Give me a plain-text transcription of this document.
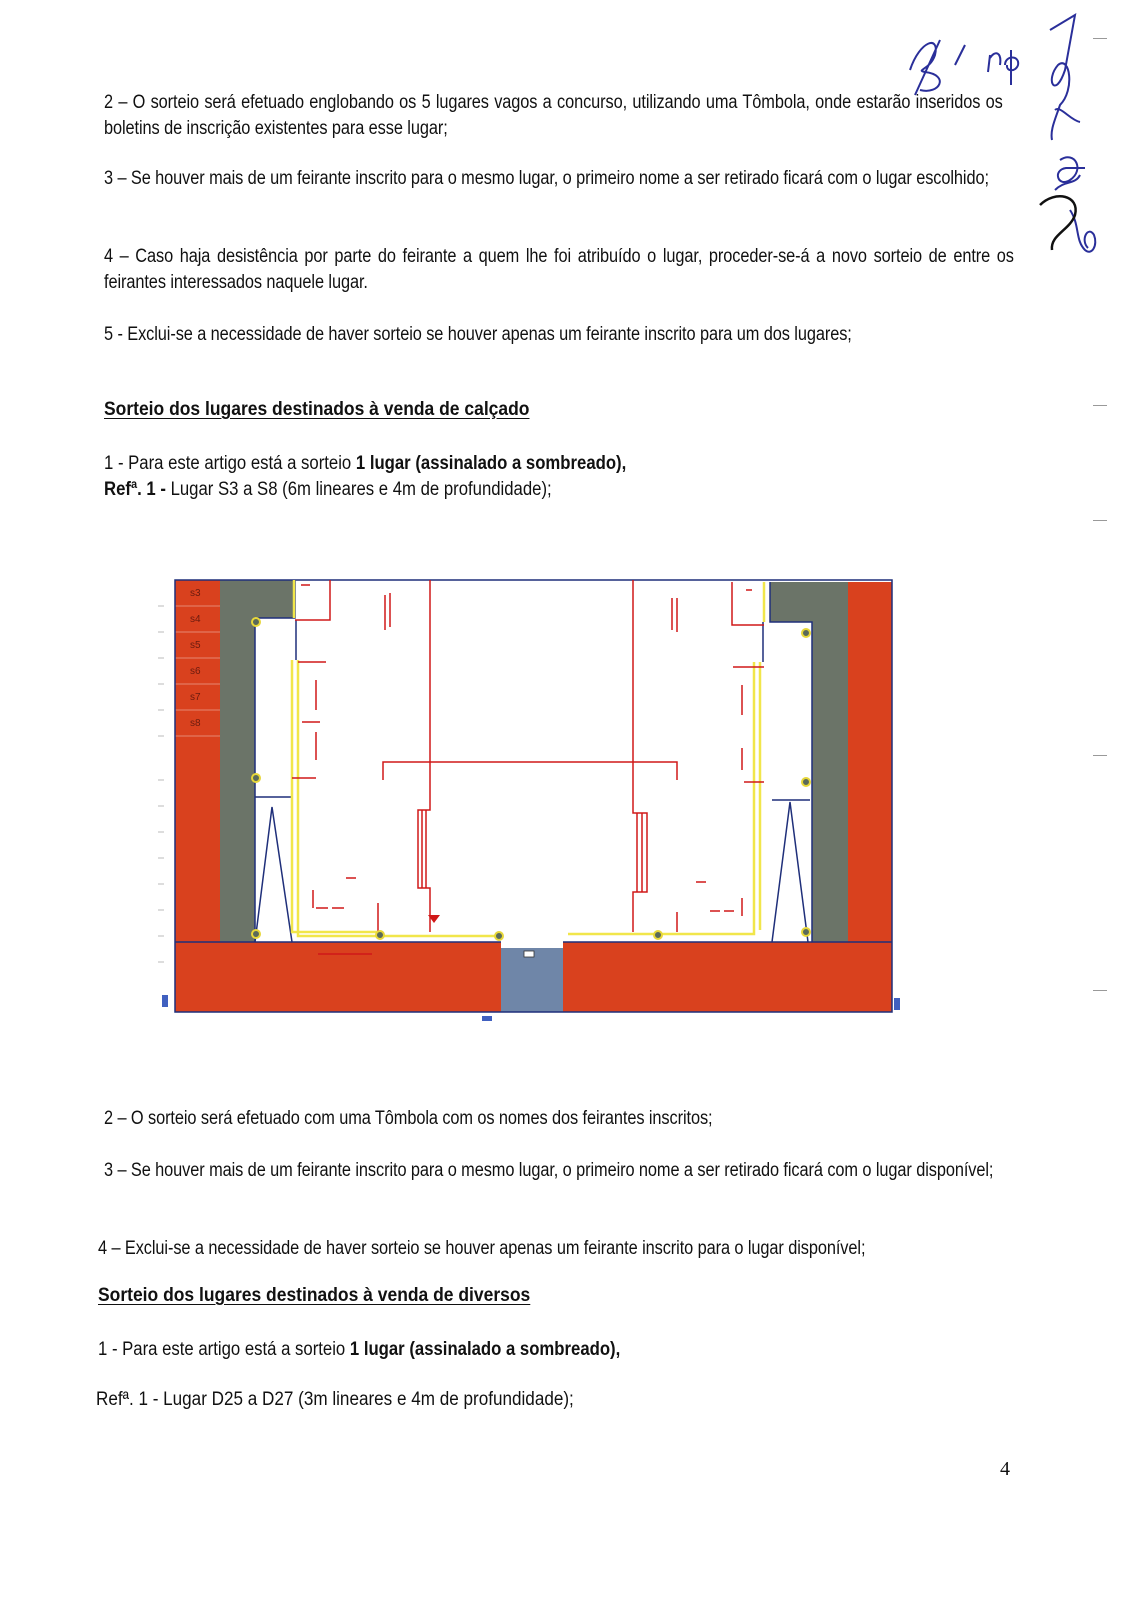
2 – O sorteio será efetuado englobando os 5 lugares vagos a concurso, utilizando uma Tômbola, onde estarão inseridos os boletins de inscrição existentes para esse lugar;
3 – Se houver mais de um feirante inscrito para o mesmo lugar, o primeiro nome a ser retirado ficará com o lugar escolhido;
4 – Caso haja desistência por parte do feirante a quem lhe foi atribuído o lugar, proceder-se-á a novo sorteio de entre os feirantes interessados naquele lugar.
5 - Exclui-se a necessidade de haver sorteio se houver apenas um feirante inscrito para um dos lugares;
Sorteio dos lugares destinados à venda de calçado
1 - Para este artigo está a sorteio 1 lugar (assinalado a sombreado),
Refª. 1 - Lugar S3 a S8 (6m lineares e 4m de profundidade);
s3
s4
s5
s6
s7
s8
2 – O sorteio será efetuado com uma Tômbola com os nomes dos feirantes inscritos;
3 – Se houver mais de um feirante inscrito para o mesmo lugar, o primeiro nome a ser retirado ficará com o lugar disponível;
4 – Exclui-se a necessidade de haver sorteio se houver apenas um feirante inscrito para o lugar disponível;
Sorteio dos lugares destinados à venda de diversos
1 - Para este artigo está a sorteio 1 lugar (assinalado a sombreado),
Refª. 1 - Lugar D25 a D27 (3m lineares e 4m de profundidade);
4
